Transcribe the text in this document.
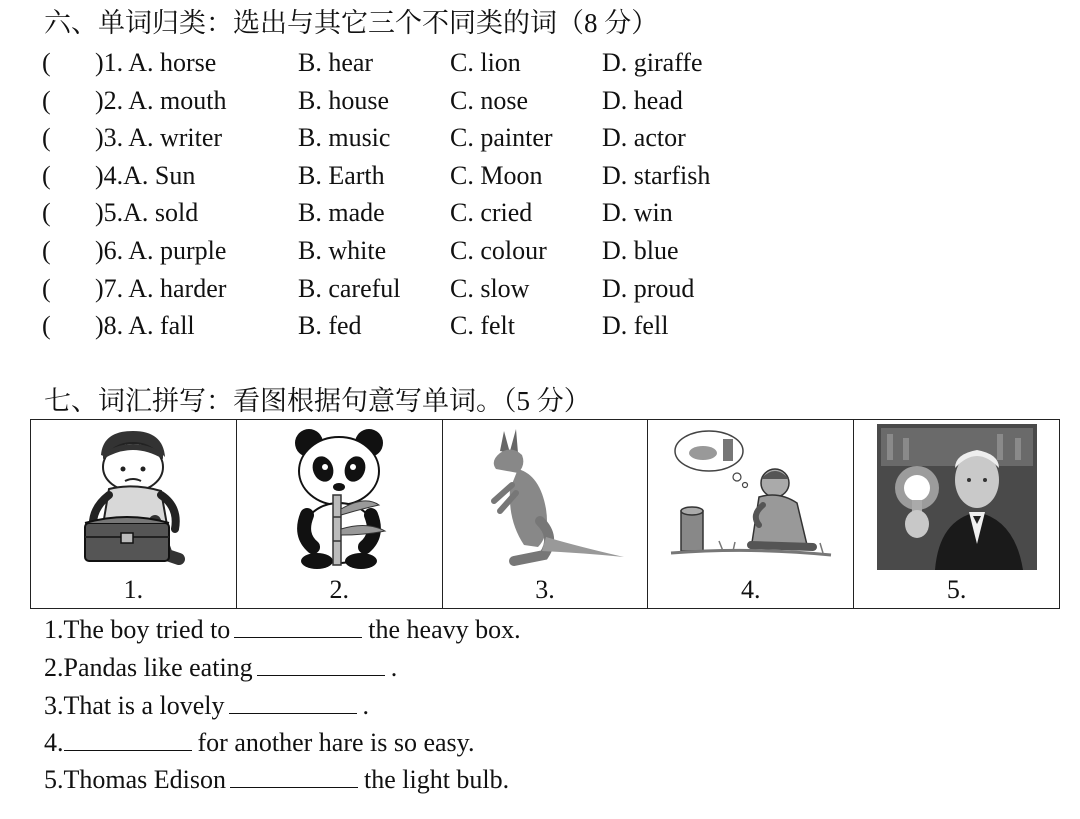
六、单词归类：选出与其它三个不同类的词（8 分）
( )1. A. horse	B. hear	C. lion	D. giraffe
( )2. A. mouth	B. house C. nose	D. head
( )3. A. writer	B. music C. painter D. actor
( )4.A. Sun	B. Earth	C. Moon D. starfish
( )5.A. sold	B. made	C. cried	D. win
( )6. A. purple	B. white C. colour D. blue
( )7. A. harder	B. careful C. slow	D. proud
( )8. A. fall	B. fed	C. felt	D. fell
七、词汇拼写：看图根据句意写单词。（5 分）
1.	2.	3.	4.	5.
1.The boy tried to	the heavy box.
2.Pandas like eating	.
3.That is a lovely	.
4.	for another hare is so easy.
5.Thomas Edison	the light bulb.
